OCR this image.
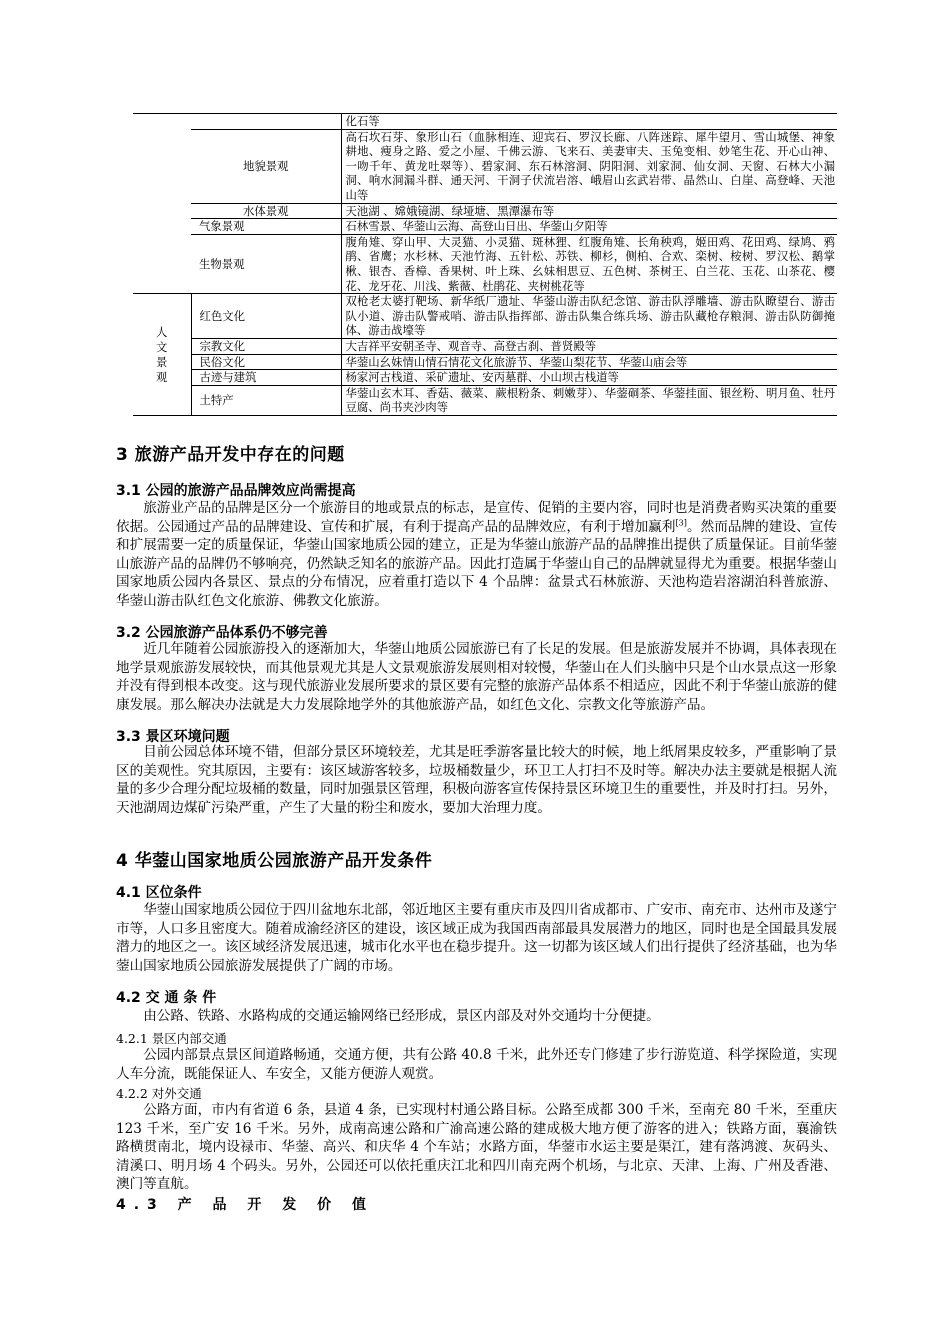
		化石等
	地貌景观	高石坎石芽、象形山石（血脉相连、迎宾石、罗汉长廊、八阵迷踪、犀牛望月、雪山城堡、神象耕地、瘦身之路、爱之小屋、千佛云游、飞来石、美妻审夫、玉兔变相、妙笔生花、开心山神、一吻千年、黄龙吐翠等）、碧家洞、东石林溶洞、阴阳洞、刘家洞、仙女洞、天窗、石林大小漏洞、响水洞漏斗群、通天河、干洞子伏流岩溶、峨眉山玄武岩带、晶然山、白崖、高登峰、天池山等
	水体景观	天池湖 、嫦娥镜湖、绿垭塘、黑潭瀑布等
	气象景观	石林雪景、华蓥山云海、高登山日出、华蓥山夕阳等
	生物景观	腹角雉、穿山甲、大灵猫、小灵猫、斑林狸、红腹角雉、长角秧鸡，姬田鸡、花田鸡、绿鸠、鸦鹃、省鹰；水杉林、天池竹海、五针松、苏铁、柳杉，侧柏、合欢、栾树、桉树、罗汉松、鹅掌楸、银杏、香樟、香果树、叶上珠、幺妹相思豆、五色树、茶树王、白兰花、玉花、山茶花、樱花、龙牙花、川浅、紫薇、杜鹃花、夹树桃花等
人文景观	红色文化	双枪老太婆打靶场、新华纸厂遗址、华蓥山游击队纪念馆、游击队浮雕墙、游击队瞭望台、游击队小道、游击队警戒哨、游击队指挥部、游击队集合练兵场、游击队藏枪存粮洞、游击队防御掩体、游击战壕等
	宗教文化	大吉祥平安朝圣寺、观音寺、高登古刹、普贤殿等
	民俗文化	华蓥山幺妹情山情石情花文化旅游节、华蓥山梨花节、华蓥山庙会等
	古迹与建筑	杨家河古栈道、采矿遗址、安丙墓群、小山坝古栈道等
	土特产	华蓥山玄木耳、香菇、薇菜、蕨根粉条、刺嫩芽）、华蓥硐茶、华蓥挂面、银丝粉、明月鱼、牡丹豆腐、尚书夹沙肉等
3 旅游产品开发中存在的问题
3.1 公园的旅游产品品牌效应尚需提高

旅游业产品的品牌是区分一个旅游目的地或景点的标志，是宣传、促销的主要内容，同时也是消费者购买决策的重要依据。公园通过产品的品牌建设、宣传和扩展，有利于提高产品的品牌效应，有利于增加赢利[3]。然而品牌的建设、宣传和扩展需要一定的质量保证，华蓥山国家地质公园的建立，正是为华蓥山旅游产品的品牌推出提供了质量保证。目前华蓥山旅游产品的品牌仍不够响亮，仍然缺乏知名的旅游产品。因此打造属于华蓥山自己的品牌就显得尤为重要。根据华蓥山国家地质公园内各景区、景点的分布情况，应着重打造以下 4 个品牌：盆景式石林旅游、天池构造岩溶湖泊科普旅游、华蓥山游击队红色文化旅游、佛教文化旅游。

3.2 公园旅游产品体系仍不够完善

近几年随着公园旅游投入的逐渐加大，华蓥山地质公园旅游已有了长足的发展。但是旅游发展并不协调，具体表现在地学景观旅游发展较快，而其他景观尤其是人文景观旅游发展则相对较慢，华蓥山在人们头脑中只是个山水景点这一形象并没有得到根本改变。这与现代旅游业发展所要求的景区要有完整的旅游产品体系不相适应，因此不利于华蓥山旅游的健康发展。那么解决办法就是大力发展除地学外的其他旅游产品，如红色文化、宗教文化等旅游产品。

3.3 景区环境问题

目前公园总体环境不错，但部分景区环境较差，尤其是旺季游客量比较大的时候，地上纸屑果皮较多，严重影响了景区的美观性。究其原因，主要有：该区域游客较多，垃圾桶数量少，环卫工人打扫不及时等。解决办法主要就是根据人流量的多少合理分配垃圾桶的数量，同时加强景区管理，积极向游客宣传保持景区环境卫生的重要性，并及时打扫。另外，天池湖周边煤矿污染严重，产生了大量的粉尘和废水，要加大治理力度。

4 华蓥山国家地质公园旅游产品开发条件
4.1 区位条件

华蓥山国家地质公园位于四川盆地东北部，邻近地区主要有重庆市及四川省成都市、广安市、南充市、达州市及遂宁市等，人口多且密度大。随着成渝经济区的建设，该区域正成为我国西南部最具发展潜力的地区，同时也是全国最具发展潜力的地区之一。该区域经济发展迅速，城市化水平也在稳步提升。这一切都为该区域人们出行提供了经济基础，也为华蓥山国家地质公园旅游发展提供了广阔的市场。

4.2 交 通 条 件

由公路、铁路、水路构成的交通运输网络已经形成，景区内部及对外交通均十分便捷。

4.2.1 景区内部交通

公园内部景点景区间道路畅通，交通方便，共有公路 40.8 千米，此外还专门修建了步行游览道、科学探险道，实现人车分流，既能保证人、车安全，又能方便游人观赏。

4.2.2 对外交通

公路方面，市内有省道 6 条，县道 4 条，已实现村村通公路目标。公路至成都 300 千米，至南充 80 千米，至重庆 123 千米，至广安 16 千米。另外，成南高速公路和广渝高速公路的建成极大地方便了游客的进入；铁路方面，襄渝铁路横贯南北，境内设禄市、华蓥、高兴、和庆华 4 个车站；水路方面，华蓥市水运主要是渠江，建有落鸿渡、灰码头、清溪口、明月场 4 个码头。另外，公园还可以依托重庆江北和四川南充两个机场，与北京、天津、上海、广州及香港、澳门等直航。

4.3 产 品 开 发 价 值
